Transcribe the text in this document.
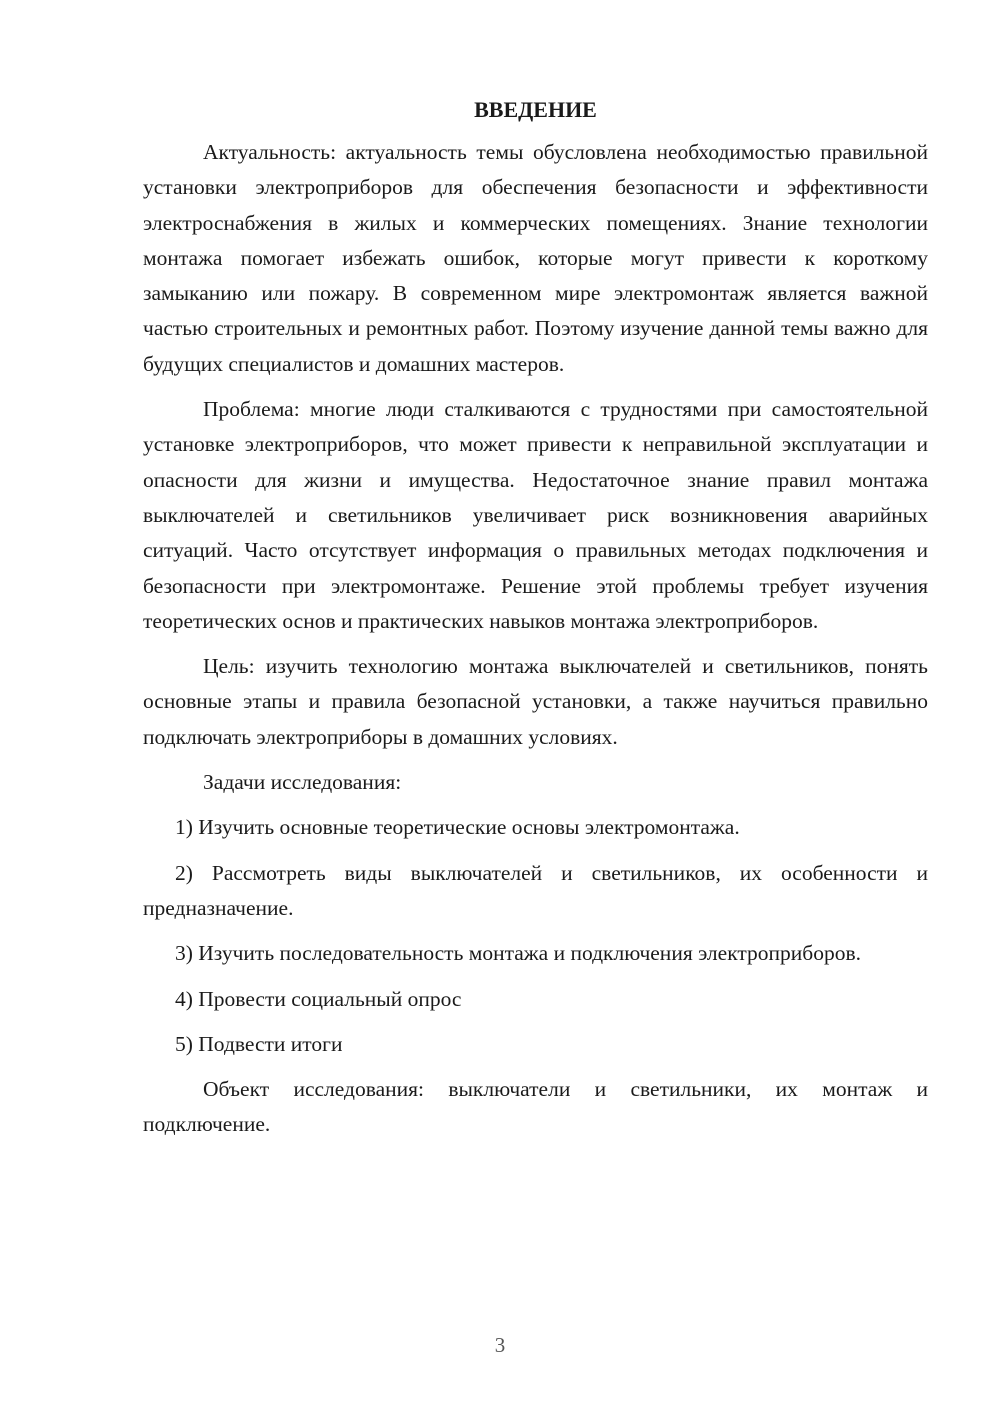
ВВЕДЕНИЕ

Актуальность: актуальность темы обусловлена необходимостью правильной установки электроприборов для обеспечения безопасности и эффективности электроснабжения в жилых и коммерческих помещениях. Знание технологии монтажа помогает избежать ошибок, которые могут привести к короткому замыканию или пожару. В современном мире электромонтаж является важной частью строительных и ремонтных работ. Поэтому изучение данной темы важно для будущих специалистов и домашних мастеров.

Проблема: многие люди сталкиваются с трудностями при самостоятельной установке электроприборов, что может привести к неправильной эксплуатации и опасности для жизни и имущества. Недостаточное знание правил монтажа выключателей и светильников увеличивает риск возникновения аварийных ситуаций. Часто отсутствует информация о правильных методах подключения и безопасности при электромонтаже. Решение этой проблемы требует изучения теоретических основ и практических навыков монтажа электроприборов.

Цель: изучить технологию монтажа выключателей и светильников, понять основные этапы и правила безопасной установки, а также научиться правильно подключать электроприборы в домашних условиях.

Задачи исследования:

1) Изучить основные теоретические основы электромонтажа.

2) Рассмотреть виды выключателей и светильников, их особенности и предназначение.

3) Изучить последовательность монтажа и подключения электроприборов.

4) Провести социальный опрос

5) Подвести итоги

Объект исследования: выключатели и светильники, их монтаж и подключение.

3
